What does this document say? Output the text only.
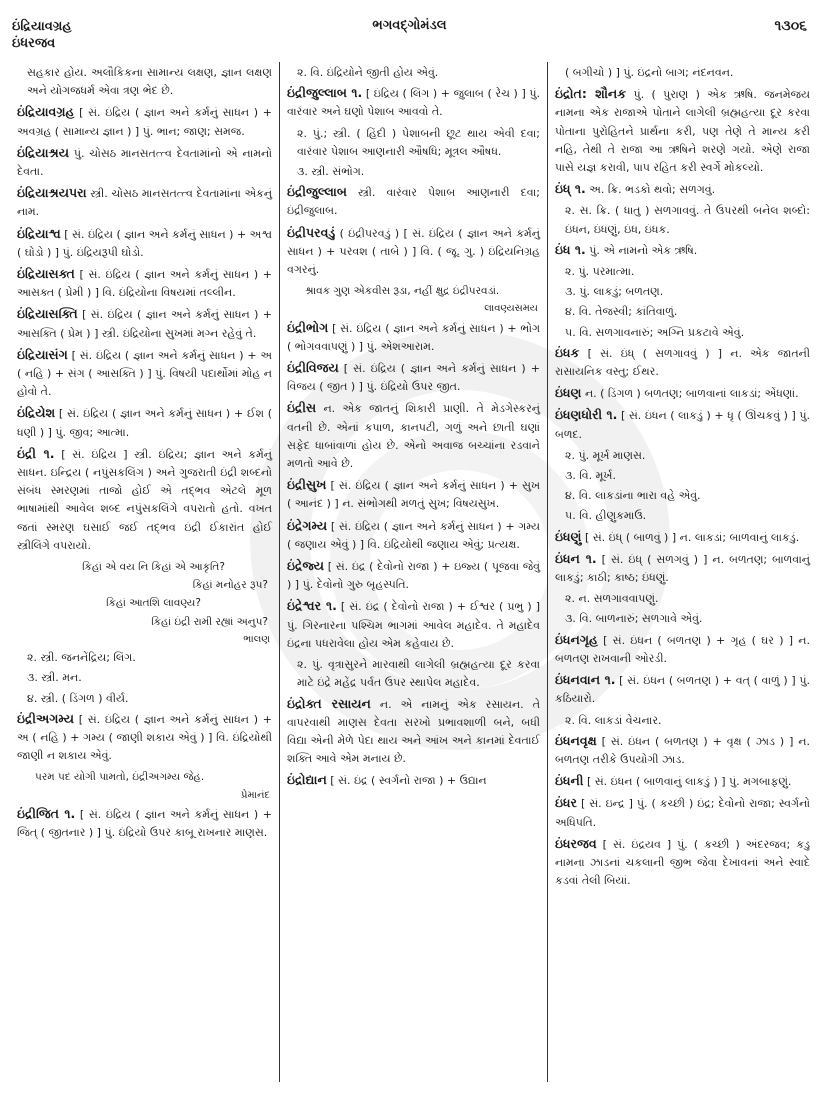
ઇંદ્રિયાવગ્રહ
ઇંધરજવ
ભગવદ્ગોમંડલ	૧૩૦૬
સહકાર હોય. અલૌકિકના સામાન્ય લક્ષણ, જ્ઞાન લક્ષણ અને યોગજધર્મ એવા ત્રણ ભેદ છે.
ઇંદ્રિયાવગ્રહ [ સં. ઇંદ્રિય ( જ્ઞાન અને કર્મનું સાધન ) + અવગ્રહ ( સામાન્ય જ્ઞાન ) ] પું. ભાન; જાણ; સમજ.
ઇંદ્રિયાશ્રય પું. ચોસઠ માનસતત્ત્વ દેવતામાંનો એ નામનો દેવતા.
ઇંદ્રિયાશ્રયપરા સ્ત્રી. ચોસઠ માનસતત્ત્વ દેવતામાંના એકનું નામ.
ઇંદ્રિયાશ્વ [ સં. ઇંદ્રિય ( જ્ઞાન અને કર્મનું સાધન ) + અશ્વ ( ઘોડો ) ] પું. ઇંદ્રિયરૂપી ઘોડો.
ઇંદ્રિયાસક્ત [ સં. ઇંદ્રિય ( જ્ઞાન અને કર્મનું સાધન ) + આસક્ત ( પ્રેમી ) ] વિ. ઇંદ્રિયોના વિષયમાં તલ્લીન.
ઇંદ્રિયાસક્તિ [ સં. ઇંદ્રિય ( જ્ઞાન અને કર્મનું સાધન ) + આસક્તિ ( પ્રેમ ) ] સ્ત્રી. ઇંદ્રિયોના સુખમાં મગ્ન રહેવું તે.
ઇંદ્રિયાસંગ [ સં. ઇંદ્રિય ( જ્ઞાન અને કર્મનું સાધન ) + અ ( નહિ ) + સંગ ( આસક્તિ ) ] પું. વિષયી પદાર્થોમાં મોહ ન હોવો તે.
ઇંદ્રિયેશ [ સં. ઇંદ્રિય ( જ્ઞાન અને કર્મનું સાધન ) + ઈશ ( ધણી ) ] પું. જીવ; આત્મા.
ઇંદ્રી ૧. [ સં. ઇંદ્રિય ] સ્ત્રી. ઇંદ્રિય; જ્ઞાન અને કર્મનું સાધન. ઇન્દ્રિય ( નપુંસકલિંગ ) અને ગુજરાતી ઇંદ્રી શબ્દનો સંબંધ સ્મરણમાં તાજો હોઈ એ તદ્ભવ એટલે મૂળ ભાષામાંથી આવેલ શબ્દ નપુંસકલિંગે વપરાતો હતો. વખત જતાં સ્મરણ ઘસાઈ જઈ તદ્ભવ ઇંદ્રી ઈકારાંત હોઈ સ્ત્રીલિંગે વપરાયો.
કિહાં એ વય નિ કિહાં એ આકૃતિ?
કિહાં મનોહર રૂપ?
કિહાં આતશિ લાવણ્ય?
કિહાં ઇંદ્રી રામી રહ્યાં અનુપ?
ભાલણ
૨. સ્ત્રી. જનનેંદ્રિય; લિંગ.
૩. સ્ત્રી. મન.
૪. સ્ત્રી. ( ડિંગળ ) વીર્ય.
ઇંદ્રીઅગમ્ય [ સં. ઇંદ્રિય ( જ્ઞાન અને કર્મનું સાધન ) + અ ( નહિ ) + ગમ્ય ( જાણી શકાય એવું ) ] વિ. ઇંદ્રિયોથી જાણી ન શકાય એવું.
પરમ પદ યોગી પામતો, ઇંદ્રીઅગમ્ય જેહ.
પ્રેમાનંદ
ઇંદ્રીજિત ૧. [ સં. ઇંદ્રિય ( જ્ઞાન અને કર્મનું સાધન ) + જિત્ ( જીતનાર ) ] પું. ઇંદ્રિયો ઉપર કાબૂ રાખનાર માણસ.
૨. વિ. ઇંદ્રિયોને જીતી હોય એવું.
ઇંદ્રીજુલ્લાબ ૧. [ ઇંદ્રિય ( લિંગ ) + જુલાબ ( રેચ ) ] પું. વારંવાર અને ઘણો પેશાબ આવવો તે.
૨. પું.; સ્ત્રી. ( હિંદી ) પેશાબની છૂટ થાય એવી દવા; વારંવાર પેશાબ આણનારી ઔષધિ; મૂત્રલ ઔષધ.
૩. સ્ત્રી. સંભોગ.
ઇંદ્રીજુલ્લાબ સ્ત્રી. વારંવાર પેશાબ આણનારી દવા; ઇંદ્રીજુલાબ.
ઇંદ્રીપરવડું ( ઇંદ્રીપરવડું ) [ સં. ઇંદ્રિય ( જ્ઞાન અને કર્મનું સાધન ) + પરવશ ( તાબે ) ] વિ. ( જૂ. ગુ. ) ઇંદ્રિયનિગ્રહ વગરનું.
શ્રાવક ગુણ એકવીસ રૂડા, નહીં ક્ષુદ્ર ઇંદ્રીપરવડાં.
લાવણ્યસમય
ઇંદ્રીભોગ [ સં. ઇંદ્રિય ( જ્ઞાન અને કર્મનું સાધન ) + ભોગ ( ભોગવવાપણું ) ] પું. એશઆરામ.
ઇંદ્રીવિજય [ સં. ઇંદ્રિય ( જ્ઞાન અને કર્મનું સાધન ) + વિજય ( જીત ) ] પું. ઇંદ્રિયો ઉપર જીત.
ઇંદ્રીસ ન. એક જાતનું શિકારી પ્રાણી. તે મેડગેસ્કરનું વતની છે. એનાં કપાળ, કાનપટી, ગળું અને છાતી ઘણાં સફેદ ધાબાંવાળાં હોય છે. એનો અવાજ બચ્ચાંના રડવાને મળતો આવે છે.
ઇંદ્રીસુખ [ સં. ઇંદ્રિય ( જ્ઞાન અને કર્મનું સાધન ) + સુખ ( આનંદ ) ] ન. સંભોગથી મળતું સુખ; વિષયસુખ.
ઇંદ્રેગમ્ય [ સં. ઇંદ્રિય ( જ્ઞાન અને કર્મનું સાધન ) + ગમ્ય ( જણાય એવું ) ] વિ. ઇંદ્રિયોથી જણાય એવું; પ્રત્યક્ષ.
ઇંદ્રેજ્ય [ સં. ઇંદ્ર ( દેવોનો રાજા ) + ઇજ્ય ( પૂજવા જેવું ) ] પું. દેવોનો ગુરુ બૃહસ્પતિ.
ઇંદ્રેશ્વર ૧. [ સં. ઇંદ્ર ( દેવોનો રાજા ) + ઈશ્વર ( પ્રભુ ) ] પું. ગિરનારના પશ્ચિમ ભાગમાં આવેલ મહાદેવ. તે મહાદેવ ઇંદ્રના પધરાવેલા હોય એમ કહેવાય છે.
૨. પું. વૃત્રાસુરને મારવાથી લાગેલી બ્રહ્મહત્યા દૂર કરવા માટે ઇંદ્રે મહેંદ્ર પર્વત ઉપર સ્થાપેલ મહાદેવ.
ઇંદ્રોક્ત રસાયન ન. એ નામનું એક રસાયન. તે વાપરવાથી માણસ દેવતા સરખો પ્રભાવશાળી બને, બધી વિદ્યા એની મેળે પેદા થાય અને આંખ અને કાનમાં દેવતાઈ શક્તિ આવે એમ મનાય છે.
ઇંદ્રોદ્યાન [ સં. ઇંદ્ર ( સ્વર્ગનો રાજા ) + ઉદ્યાન
( બગીચો ) ] પું. ઇંદ્રનો બાગ; નંદનવન.
ઇંદ્રોત: શૌનક પું. ( પુરાણ ) એક ઋષિ. જનમેજય નામના એક રાજાએ પોતાને લાગેલી બ્રહ્મહત્યા દૂર કરવા પોતાના પુરોહિતને પ્રાર્થના કરી, પણ તેણે તે માન્ય કરી નહિ, તેથી તે રાજા આ ઋષિને શરણે ગયો. એણે રાજા પાસે યજ્ઞ કરાવી, પાપ રહિત કરી સ્વર્ગે મોકલ્યો.
ઇંધ્ ૧. અ. ક્રિ. ભડકો થવો; સળગવું.
૨. સ. ક્રિ. ( ધાતુ ) સળગાવવું. તે ઉપરથી બનેલ શબ્દો: ઇંધન, ઇંધણું, ઇંધ, ઇંધક.
ઇંધ ૧. પું. એ નામનો એક ઋષિ.
૨. પું. પરમાત્મા.
૩. પું. લાકડું; બળતણ.
૪. વિ. તેજસ્વી; કાંતિવાળું.
૫. વિ. સળગાવનારું; અગ્નિ પ્રકટાવે એવું.
ઇંધક [ સં. ઇંધ્ ( સળગાવવું ) ] ન. એક જાતની રાસાયનિક વસ્તુ; ઈથર.
ઇંધણ ન. ( ડિંગળ ) બળતણ; બાળવાનાં લાકડાં; એંધણાં.
ઇંધણધોરી ૧. [ સં. ઇંધન ( લાકડું ) + ધૃ ( ઊંચકવું ) ] પું. બળદ.
૨. પું. મૂર્ખ માણસ.
૩. વિ. મૂર્ખ.
૪. વિ. લાકડાંના ભારા વહે એવું.
૫. વિ. હીણુકમાઉ.
ઇંધણું [ સં. ઇંધ્ ( બાળવું ) ] ન. લાકડાં; બાળવાનું લાકડું.
ઇંધન ૧. [ સં. ઇંધ્ ( સળગવું ) ] ન. બળતણ; બાળવાનું લાકડું; કાઠી; કાષ્ઠ; ઇંધણું.
૨. ન. સળગાવવાપણું.
૩. વિ. બાળનારું; સળગાવે એવું.
ઇંધનગૃહ [ સં. ઇંધન ( બળતણ ) + ગૃહ ( ઘર ) ] ન. બળતણ રાખવાની ઓરડી.
ઇંધનવાન ૧. [ સં. ઇંધન ( બળતણ ) + વત્ ( વાળું ) ] પું. કઠિયારો.
૨. વિ. લાકડાં વેચનાર.
ઇંધનવૃક્ષ [ સં. ઇંધન ( બળતણ ) + વૃક્ષ ( ઝાડ ) ] ન. બળતણ તરીકે ઉપયોગી ઝાડ.
ઇંધની [ સં. ઇંધન ( બાળવાનું લાકડું ) ] પું. મગબાફણું.
ઇંધર [ સં. ઇન્દ્ર ] પું. ( કચ્છી ) ઇંદ્ર; દેવોનો રાજા; સ્વર્ગનો અધિપતિ.
ઇંધરજવ [ સં. ઇંદ્રયવ ] પું. ( કચ્છી ) અંદરજવ; કડુ નામના ઝાડનાં ચકલાની જીભ જેવા દેખાવનાં અને સ્વાદે કડવાં તેલી બિયાં.
